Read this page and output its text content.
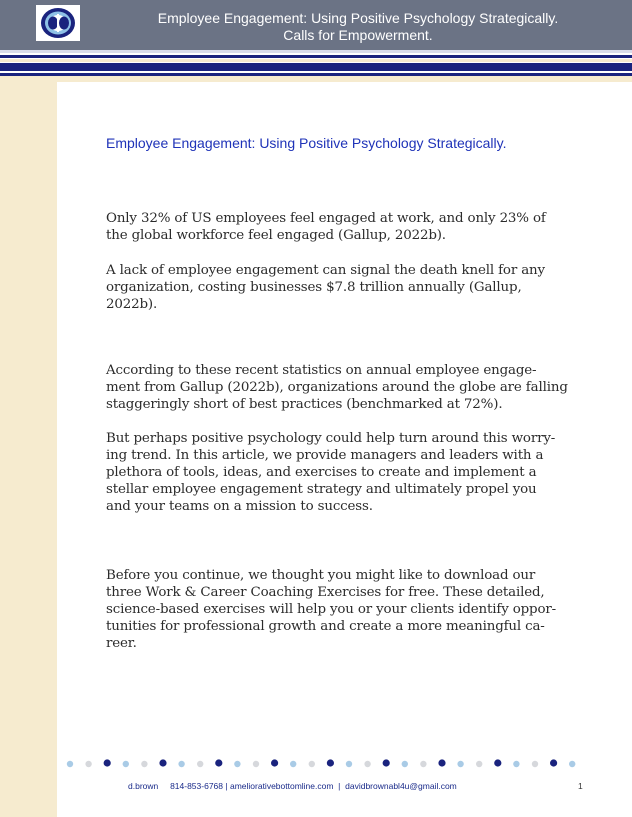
Employee Engagement: Using Positive Psychology Strategically.
Calls for Empowerment.
Employee Engagement: Using Positive Psychology Strategically.

Only 32% of US employees feel engaged at work, and only 23% of
the global workforce feel engaged (Gallup, 2022b).

A lack of employee engagement can signal the death knell for any
organization, costing businesses $7.8 trillion annually (Gallup,
2022b).

According to these recent statistics on annual employee engage-
ment from Gallup (2022b), organizations around the globe are falling
staggeringly short of best practices (benchmarked at 72%).

But perhaps positive psychology could help turn around this worry-
ing trend. In this article, we provide managers and leaders with a
plethora of tools, ideas, and exercises to create and implement a
stellar employee engagement strategy and ultimately propel you
and your teams on a mission to success.

Before you continue, we thought you might like to download our
three Work & Career Coaching Exercises for free. These detailed,
science-based exercises will help you or your clients identify oppor-
tunities for professional growth and create a more meaningful ca-
reer.

d.brown 814-853-6768 | ameliorativebottomline.com | davidbrownabl4u@gmail.com	1
